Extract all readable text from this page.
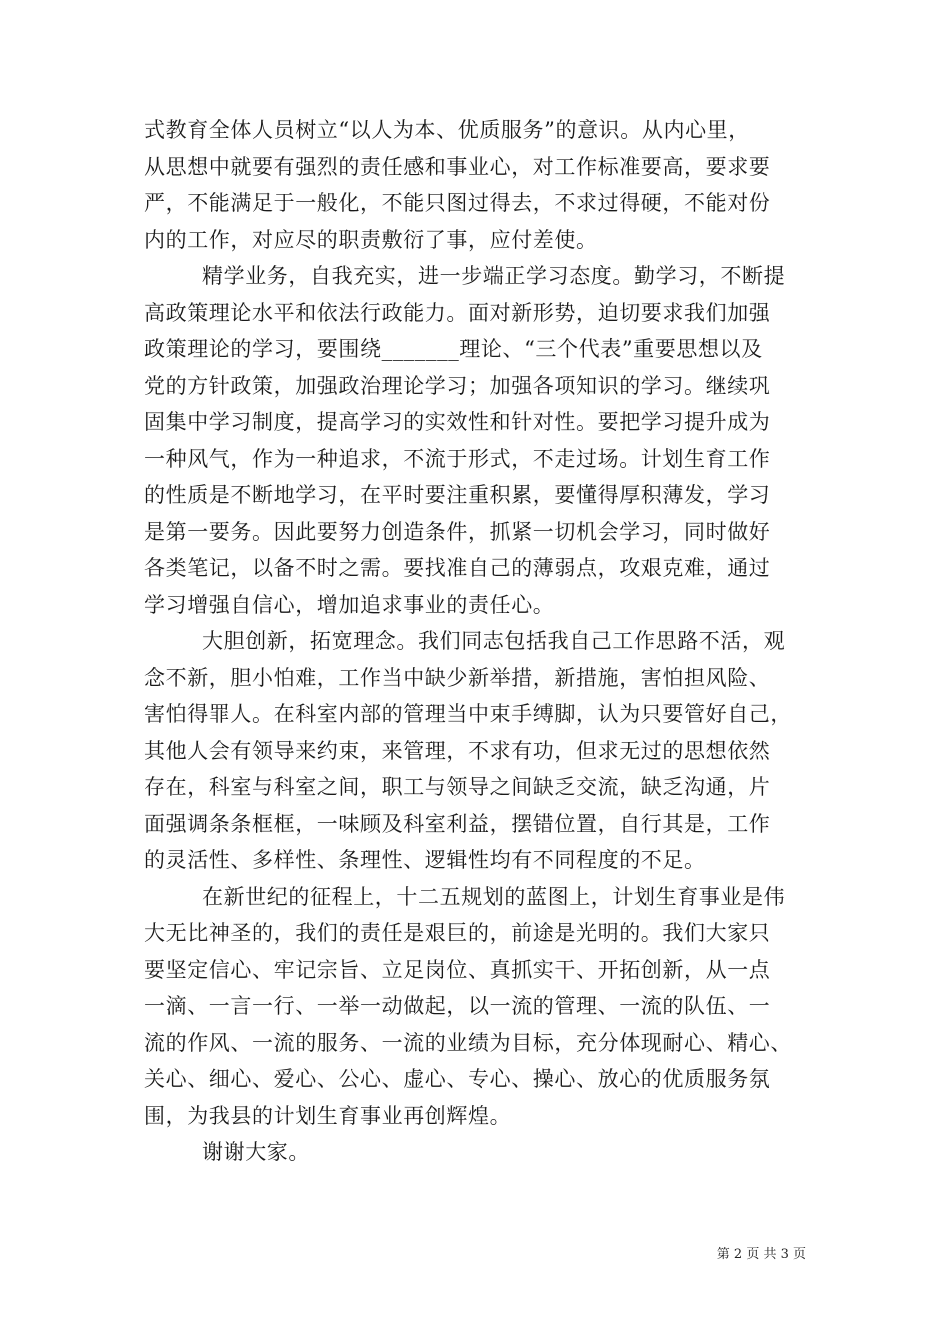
式教育全体人员树立“以人为本、优质服务”的意识。从内心里，
从思想中就要有强烈的责任感和事业心，对工作标准要高，要求要
严，不能满足于一般化，不能只图过得去，不求过得硬，不能对份
内的工作，对应尽的职责敷衍了事，应付差使。
精学业务，自我充实，进一步端正学习态度。勤学习，不断提
高政策理论水平和依法行政能力。面对新形势，迫切要求我们加强
政策理论的学习，要围绕_______理论、“三个代表”重要思想以及
党的方针政策，加强政治理论学习；加强各项知识的学习。继续巩
固集中学习制度，提高学习的实效性和针对性。要把学习提升成为
一种风气，作为一种追求，不流于形式，不走过场。计划生育工作
的性质是不断地学习，在平时要注重积累，要懂得厚积薄发，学习
是第一要务。因此要努力创造条件，抓紧一切机会学习，同时做好
各类笔记，以备不时之需。要找准自己的薄弱点，攻艰克难，通过
学习增强自信心，增加追求事业的责任心。
大胆创新，拓宽理念。我们同志包括我自己工作思路不活，观
念不新，胆小怕难，工作当中缺少新举措，新措施，害怕担风险、
害怕得罪人。在科室内部的管理当中束手缚脚，认为只要管好自己，
其他人会有领导来约束，来管理，不求有功，但求无过的思想依然
存在，科室与科室之间，职工与领导之间缺乏交流，缺乏沟通，片
面强调条条框框，一味顾及科室利益，摆错位置，自行其是，工作
的灵活性、多样性、条理性、逻辑性均有不同程度的不足。
在新世纪的征程上，十二五规划的蓝图上，计划生育事业是伟
大无比神圣的，我们的责任是艰巨的，前途是光明的。我们大家只
要坚定信心、牢记宗旨、立足岗位、真抓实干、开拓创新，从一点
一滴、一言一行、一举一动做起，以一流的管理、一流的队伍、一
流的作风、一流的服务、一流的业绩为目标，充分体现耐心、精心、
关心、细心、爱心、公心、虚心、专心、操心、放心的优质服务氛
围，为我县的计划生育事业再创辉煌。
谢谢大家。
第 2 页 共 3 页
